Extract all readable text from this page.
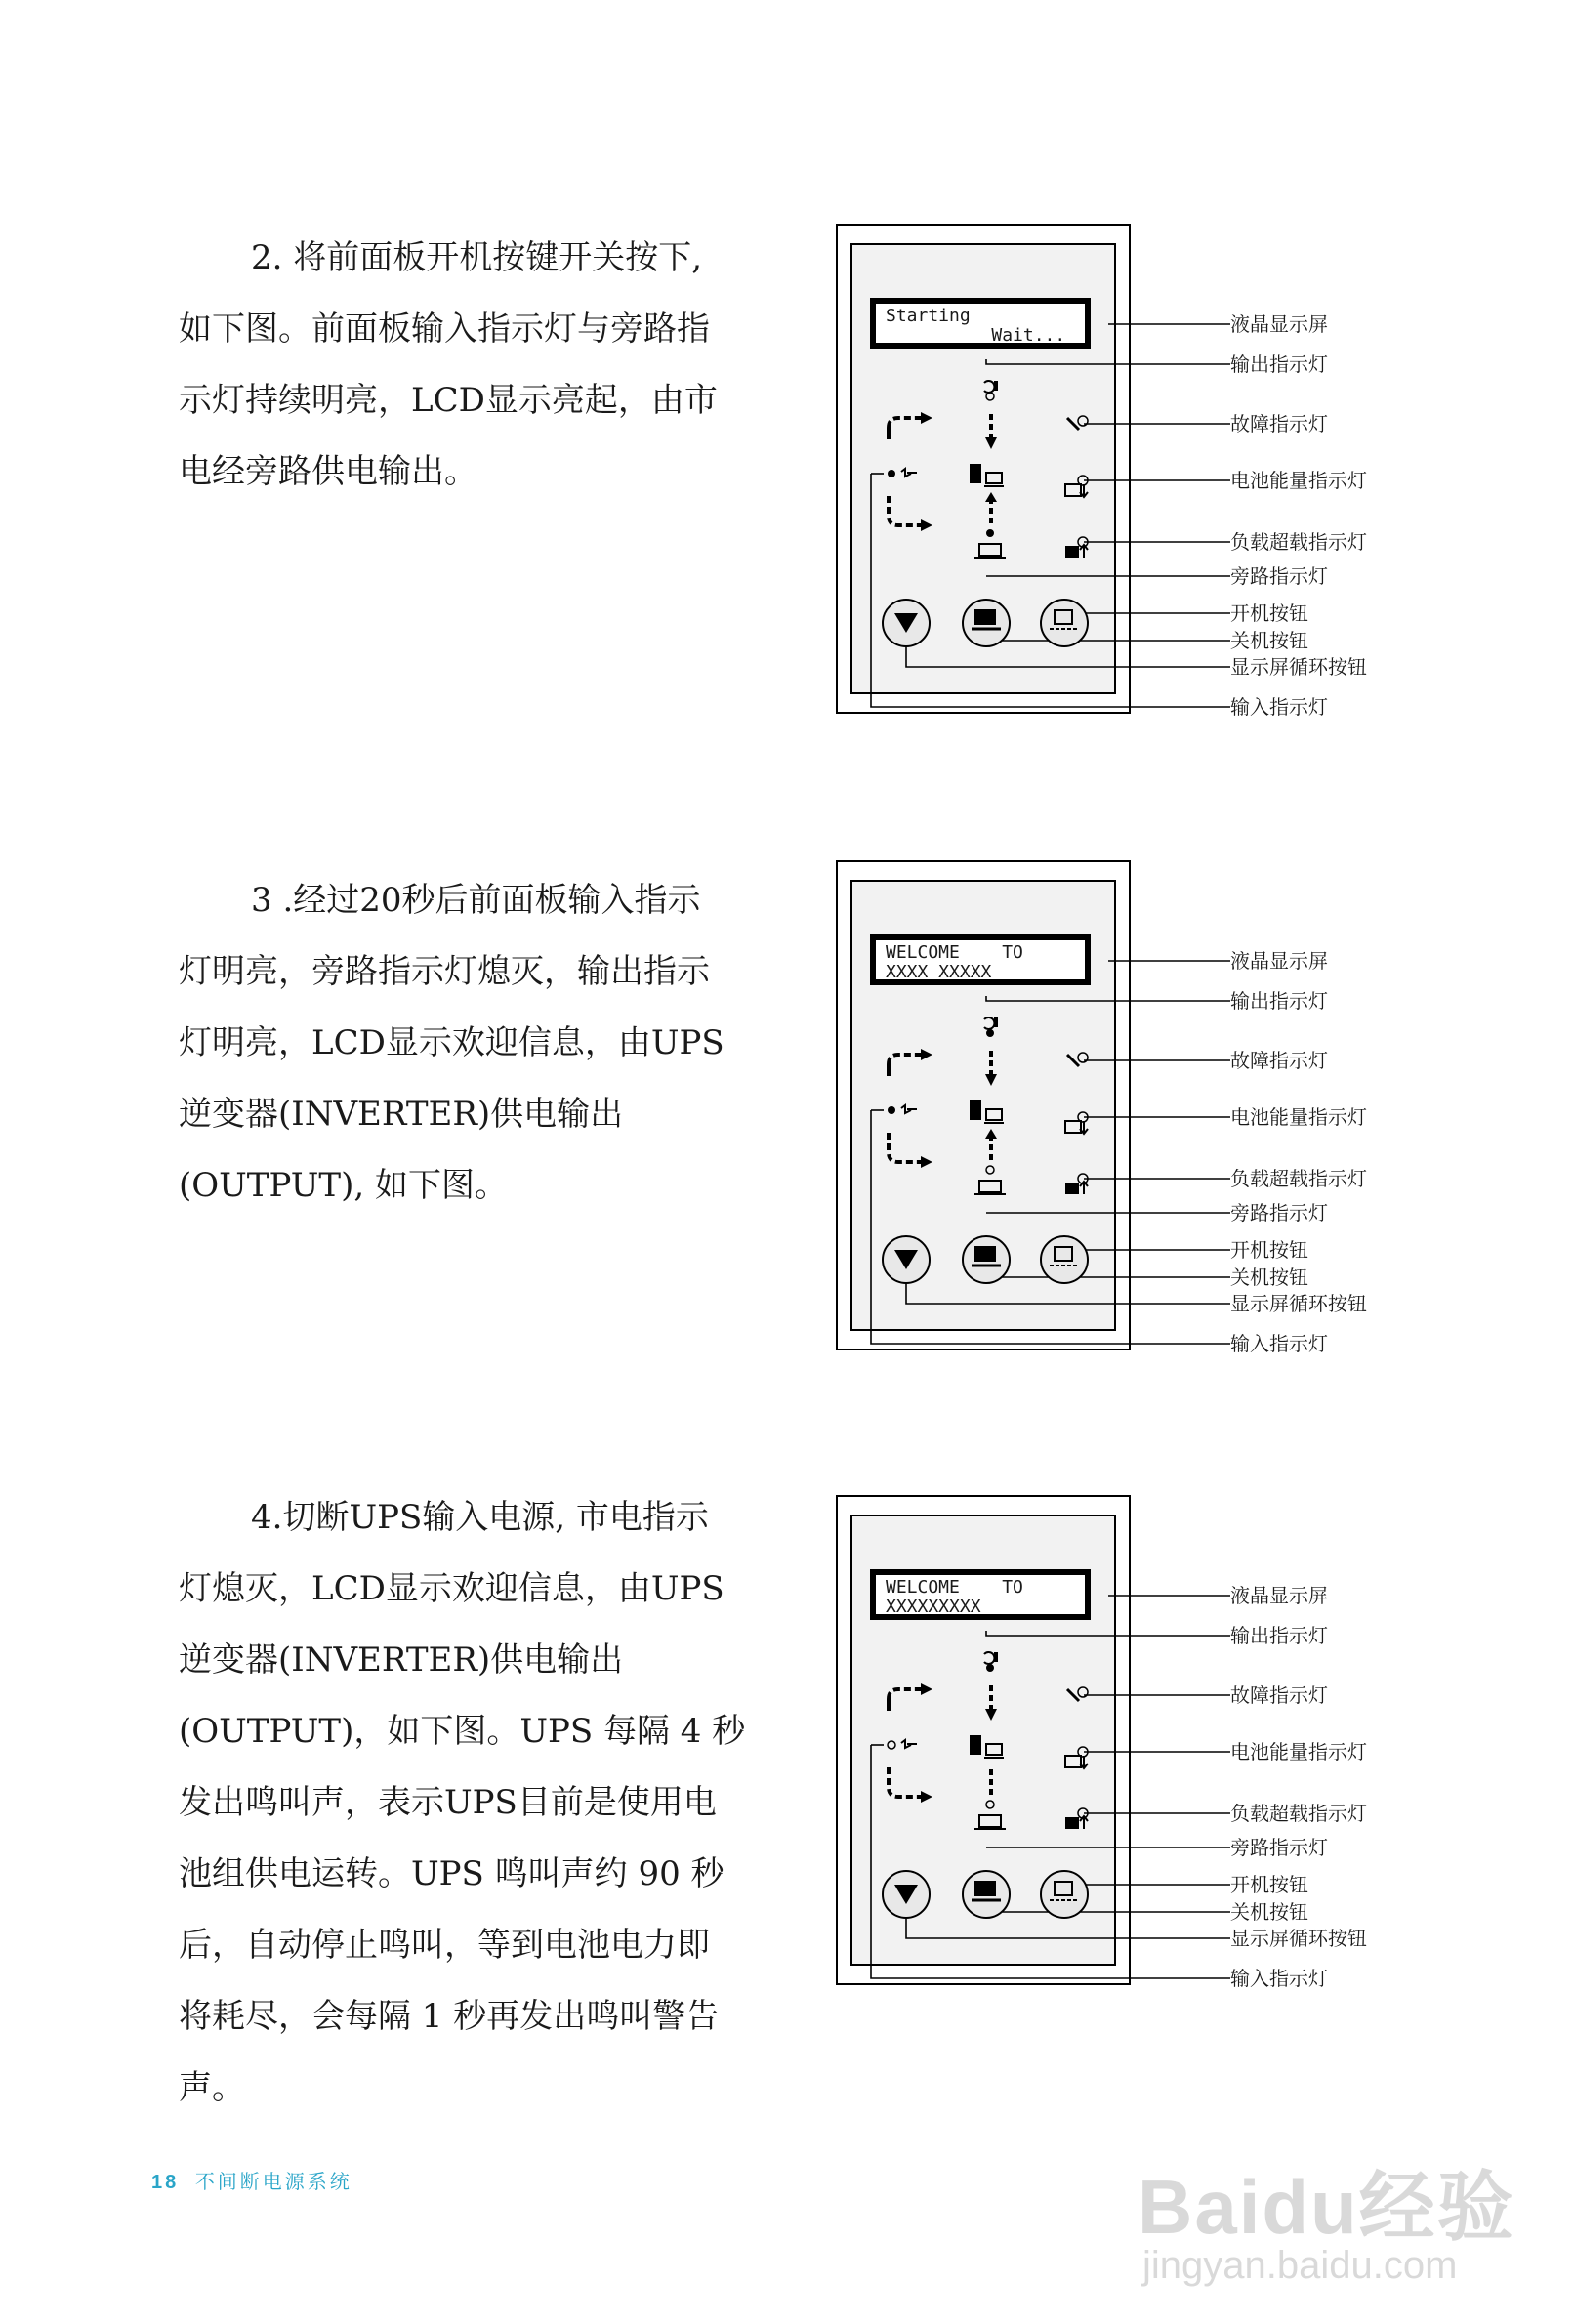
2. 将前面板开机按键开关按下,
如下图。前面板输入指示灯与旁路指
示灯持续明亮，LCD显示亮起，由市
电经旁路供电输出。
3 .经过20秒后前面板输入指示
灯明亮，旁路指示灯熄灭，输出指示
灯明亮，LCD显示欢迎信息，由UPS
逆变器(INVERTER)供电输出
(OUTPUT), 如下图。
4.切断UPS输入电源, 市电指示
灯熄灭，LCD显示欢迎信息，由UPS
逆变器(INVERTER)供电输出
(OUTPUT)，如下图。UPS 每隔 4 秒
发出鸣叫声，表示UPS目前是使用电
池组供电运转。UPS 鸣叫声约 90 秒
后，自动停止鸣叫，等到电池电力即
将耗尽，会每隔 1 秒再发出鸣叫警告
声。
Starting
Wait...	液晶显示屏
输出指示灯
故障指示灯
电池能量指示灯
负载超载指示灯
旁路指示灯
开机按钮
关机按钮
显示屏循环按钮
输入指示灯
WELCOME    TO
XXXX XXXXX	液晶显示屏
输出指示灯
故障指示灯
电池能量指示灯
负载超载指示灯
旁路指示灯
开机按钮
关机按钮
显示屏循环按钮
输入指示灯
WELCOME    TO
XXXXXXXXX	液晶显示屏
输出指示灯
故障指示灯
电池能量指示灯
负载超载指示灯
旁路指示灯
开机按钮
关机按钮
显示屏循环按钮
输入指示灯
18 不间断电源系统	Baidu经验
jingyan.baidu.com
